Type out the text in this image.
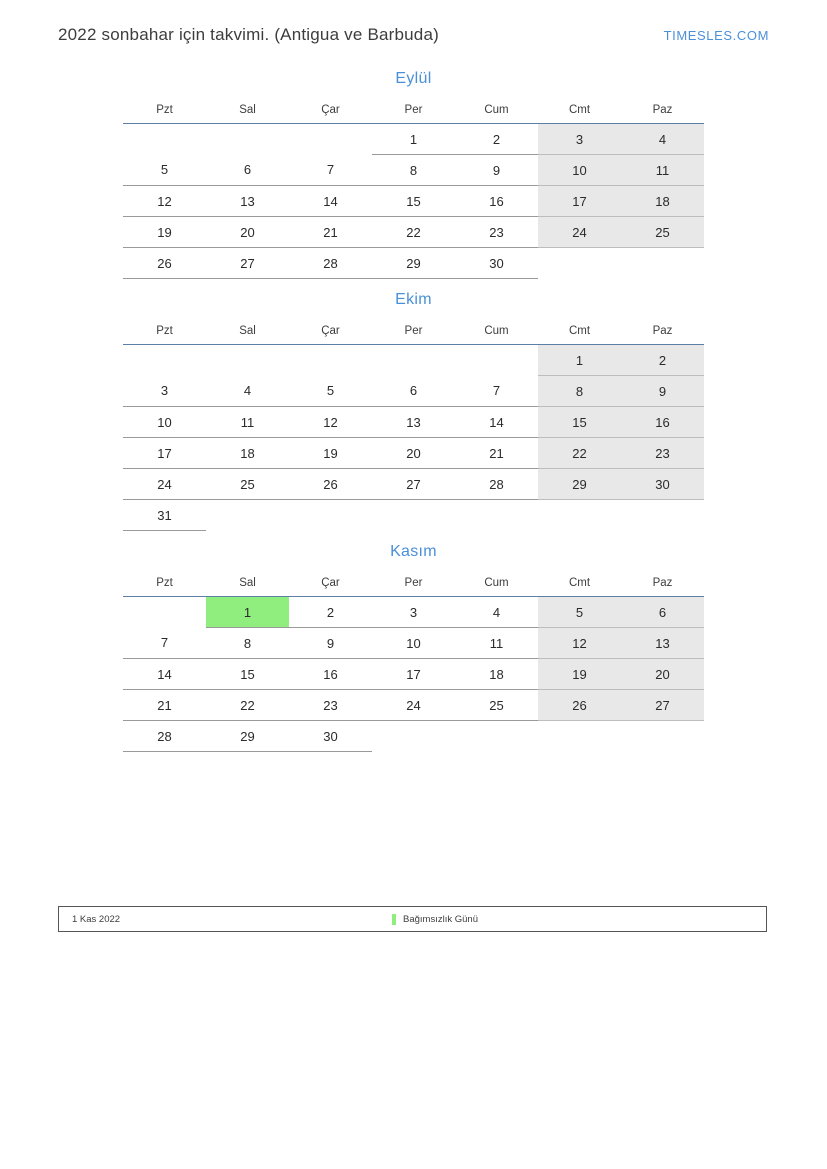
2022 sonbahar için takvimi. (Antigua ve Barbuda)	TIMESLES.COM
Eylül
Pzt	Sal	Çar	Per	Cum	Cmt	Paz
			1	2	3	4
5	6	7	8	9	10	11
12	13	14	15	16	17	18
19	20	21	22	23	24	25
26	27	28	29	30		
Ekim
Pzt	Sal	Çar	Per	Cum	Cmt	Paz
					1	2
3	4	5	6	7	8	9
10	11	12	13	14	15	16
17	18	19	20	21	22	23
24	25	26	27	28	29	30
31						
Kasım
Pzt	Sal	Çar	Per	Cum	Cmt	Paz
	1	2	3	4	5	6
7	8	9	10	11	12	13
14	15	16	17	18	19	20
21	22	23	24	25	26	27
28	29	30				
1 Kas 2022	Bağımsızlık Günü
